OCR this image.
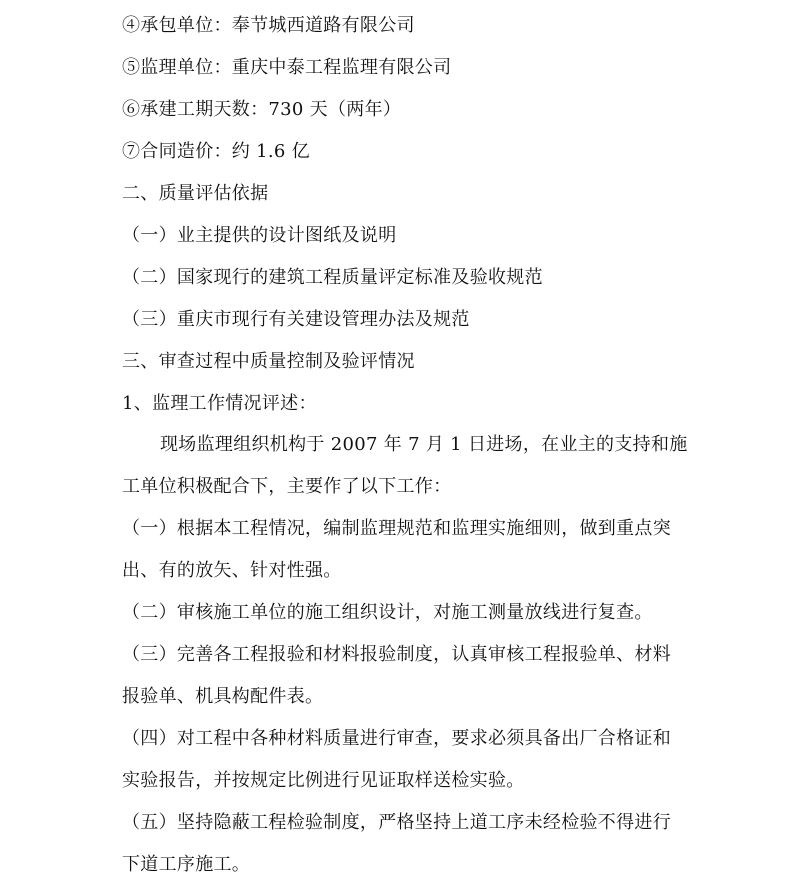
④承包单位：奉节城西道路有限公司
⑤监理单位：重庆中泰工程监理有限公司
⑥承建工期天数：730 天（两年）
⑦合同造价：约 1.6 亿
二、质量评估依据
（一）业主提供的设计图纸及说明
（二）国家现行的建筑工程质量评定标准及验收规范
（三）重庆市现行有关建设管理办法及规范
三、审查过程中质量控制及验评情况
1、监理工作情况评述：
现场监理组织机构于 2007 年 7 月 1 日进场，在业主的支持和施
工单位积极配合下，主要作了以下工作：
（一）根据本工程情况，编制监理规范和监理实施细则，做到重点突
出、有的放矢、针对性强。
（二）审核施工单位的施工组织设计，对施工测量放线进行复查。
（三）完善各工程报验和材料报验制度，认真审核工程报验单、材料
报验单、机具构配件表。
（四）对工程中各种材料质量进行审查，要求必须具备出厂合格证和
实验报告，并按规定比例进行见证取样送检实验。
（五）坚持隐蔽工程检验制度，严格坚持上道工序未经检验不得进行
下道工序施工。
